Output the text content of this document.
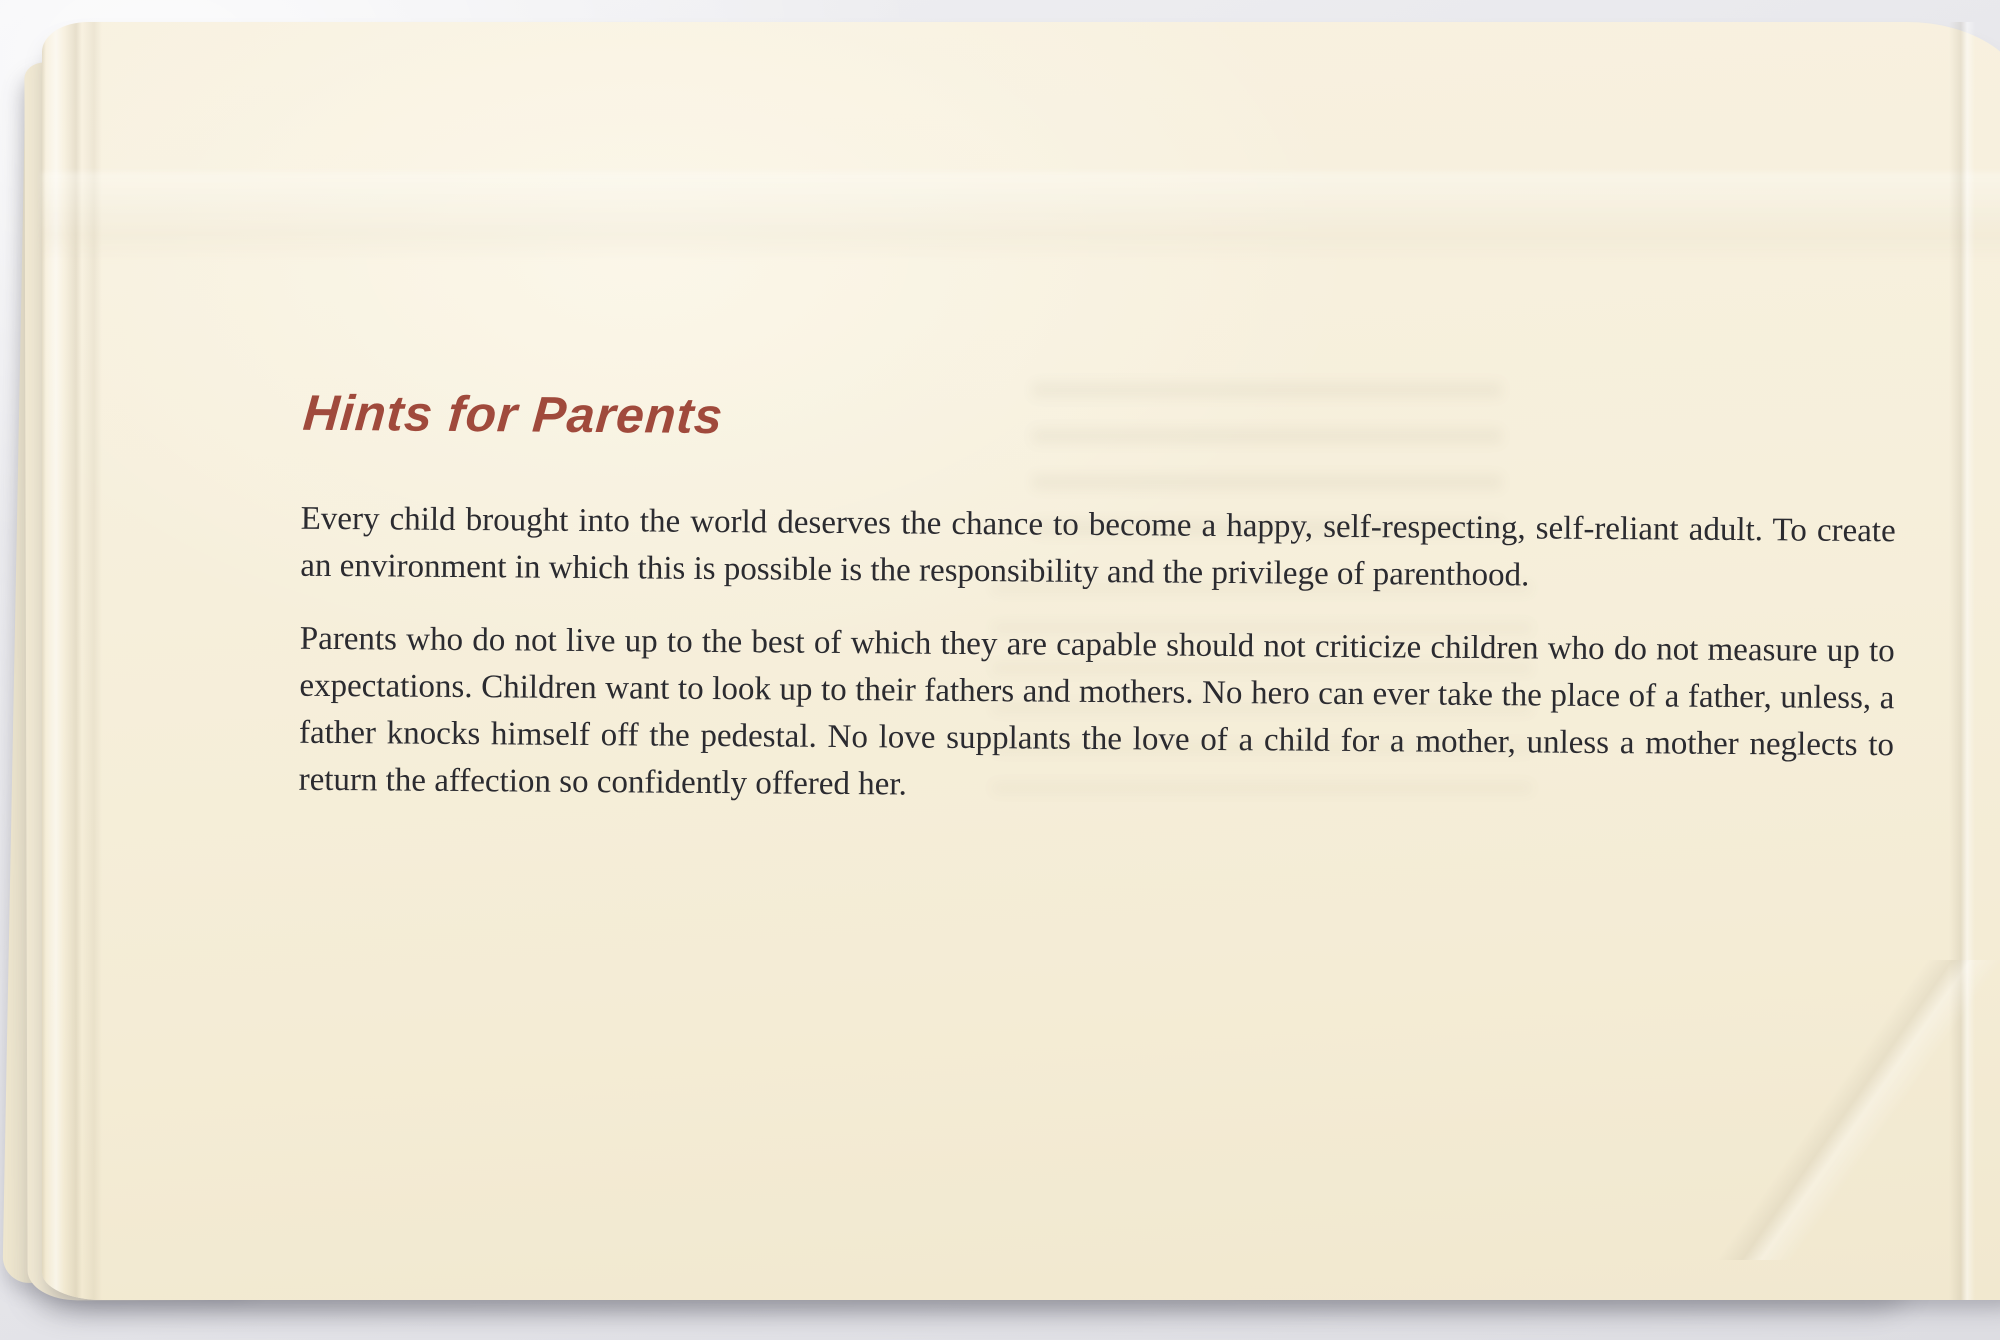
Hints for Parents

Every child brought into the world deserves the chance to become a happy, self-respecting, self-reliant adult. To create an environment in which this is possible is the responsibility and the privilege of parenthood.

Parents who do not live up to the best of which they are capable should not criticize children who do not measure up to expectations. Children want to look up to their fathers and mothers. No hero can ever take the place of a father, unless, a father knocks himself off the pedestal. No love supplants the love of a child for a mother, unless a mother neglects to return the affection so confidently offered her.
